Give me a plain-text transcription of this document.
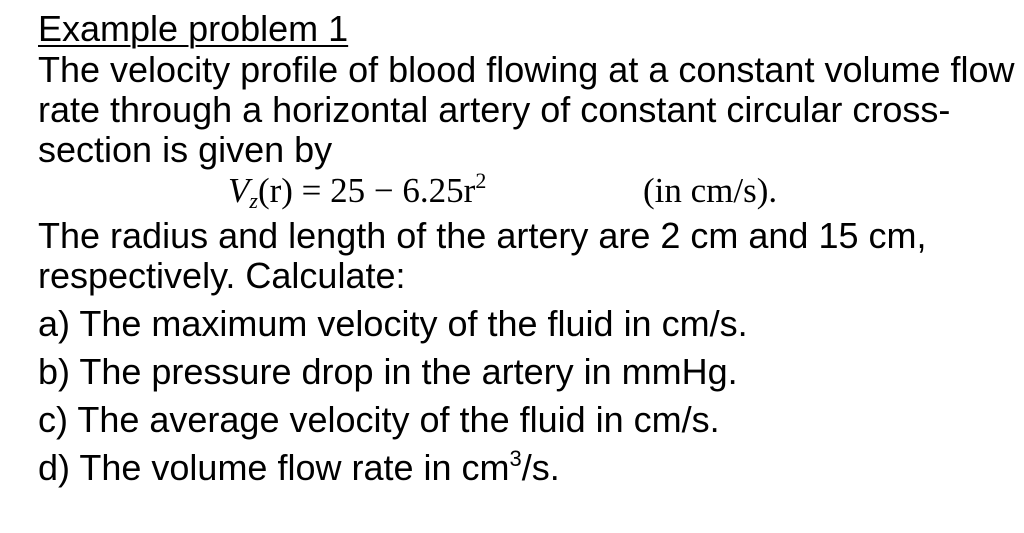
Example problem 1

The velocity profile of blood flowing at a constant volume flow rate through a horizontal artery of constant circular cross-section is given by

$V_z(r) = 25 - 6.25r^2$	(in cm/s).

The radius and length of the artery are 2 cm and 15 cm, respectively. Calculate:

a) The maximum velocity of the fluid in cm/s.
b) The pressure drop in the artery in mmHg.
c) The average velocity of the fluid in cm/s.
d) The volume flow rate in $cm^3/s$.
